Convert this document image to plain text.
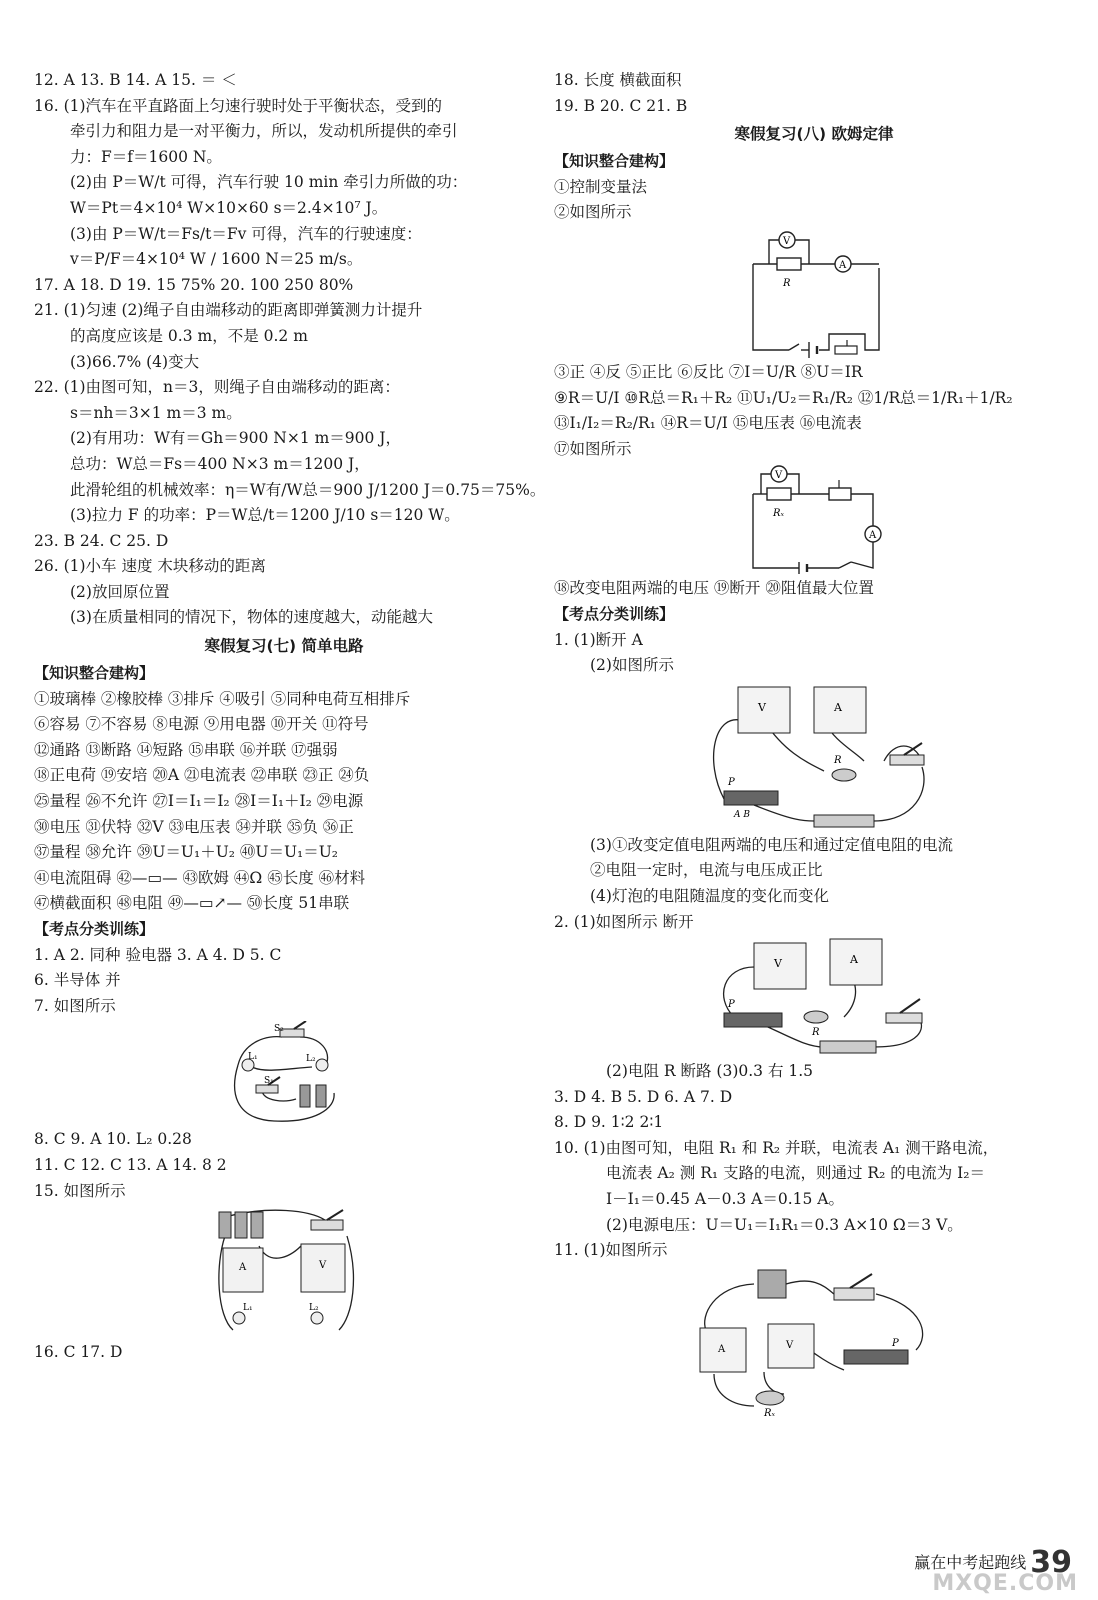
12. A 13. B 14. A 15. ＝ ＜
16. (1)汽车在平直路面上匀速行驶时处于平衡状态，受到的
牵引力和阻力是一对平衡力，所以，发动机所提供的牵引
力：F＝f＝1600 N。
(2)由 P＝W/t 可得，汽车行驶 10 min 牵引力所做的功：
W＝Pt＝4×10⁴ W×10×60 s＝2.4×10⁷ J。
(3)由 P＝W/t＝Fs/t＝Fv 可得，汽车的行驶速度：
v＝P/F＝4×10⁴ W / 1600 N＝25 m/s。
17. A 18. D 19. 15 75% 20. 100 250 80%
21. (1)匀速 (2)绳子自由端移动的距离即弹簧测力计提升
的高度应该是 0.3 m，不是 0.2 m
(3)66.7% (4)变大
22. (1)由图可知，n＝3，则绳子自由端移动的距离：
s＝nh＝3×1 m＝3 m。
(2)有用功：W有＝Gh＝900 N×1 m＝900 J，
总功：W总＝Fs＝400 N×3 m＝1200 J，
此滑轮组的机械效率：η＝W有/W总＝900 J/1200 J＝0.75＝75%。
(3)拉力 F 的功率：P＝W总/t＝1200 J/10 s＝120 W。
23. B 24. C 25. D
26. (1)小车 速度 木块移动的距离
(2)放回原位置
(3)在质量相同的情况下，物体的速度越大，动能越大
寒假复习(七) 简单电路
【知识整合建构】
①玻璃棒 ②橡胶棒 ③排斥 ④吸引 ⑤同种电荷互相排斥
⑥容易 ⑦不容易 ⑧电源 ⑨用电器 ⑩开关 ⑪符号
⑫通路 ⑬断路 ⑭短路 ⑮串联 ⑯并联 ⑰强弱
⑱正电荷 ⑲安培 ⑳A ㉑电流表 ㉒串联 ㉓正 ㉔负
㉕量程 ㉖不允许 ㉗I＝I₁＝I₂ ㉘I＝I₁＋I₂ ㉙电源
㉚电压 ㉛伏特 ㉜V ㉝电压表 ㉞并联 ㉟负 ㊱正
㊲量程 ㊳允许 ㊴U＝U₁＋U₂ ㊵U＝U₁＝U₂
㊶电流阻碍 ㊷—▭— ㊸欧姆 ㊹Ω ㊺长度 ㊻材料
㊼横截面积 ㊽电阻 ㊾—▭↗— ㊿长度 51串联
【考点分类训练】
1. A 2. 同种 验电器 3. A 4. D 5. C
6. 半导体 并
7. 如图所示
S₂
L₁	L₂
S₁
8. C 9. A 10. L₂ 0.28
11. C 12. C 13. A 14. 8 2
15. 如图所示
A	V
L₁	L₂
16. C 17. D
18. 长度 横截面积
19. B 20. C 21. B
寒假复习(八) 欧姆定律
【知识整合建构】
①控制变量法
②如图所示
V
A
R
③正 ④反 ⑤正比 ⑥反比 ⑦I＝U/R ⑧U＝IR
⑨R＝U/I ⑩R总＝R₁＋R₂ ⑪U₁/U₂＝R₁/R₂ ⑫1/R总＝1/R₁＋1/R₂
⑬I₁/I₂＝R₂/R₁ ⑭R＝U/I ⑮电压表 ⑯电流表
⑰如图所示
V
A
Rₓ
⑱改变电阻两端的电压 ⑲断开 ⑳阻值最大位置
【考点分类训练】
1. (1)断开 A
(2)如图所示
V	A
R
P
A B
(3)①改变定值电阻两端的电压和通过定值电阻的电流
②电阻一定时，电流与电压成正比
(4)灯泡的电阻随温度的变化而变化
2. (1)如图所示 断开
V	A
R
P
(2)电阻 R 断路 (3)0.3 右 1.5
3. D 4. B 5. D 6. A 7. D
8. D 9. 1∶2 2∶1
10. (1)由图可知，电阻 R₁ 和 R₂ 并联，电流表 A₁ 测干路电流，
电流表 A₂ 测 R₁ 支路的电流，则通过 R₂ 的电流为 I₂＝
I－I₁＝0.45 A－0.3 A＝0.15 A。
(2)电源电压：U＝U₁＝I₁R₁＝0.3 A×10 Ω＝3 V。
11. (1)如图所示
A	V	P
Rₓ
赢在中考起跑线 39
MXQE.COM
